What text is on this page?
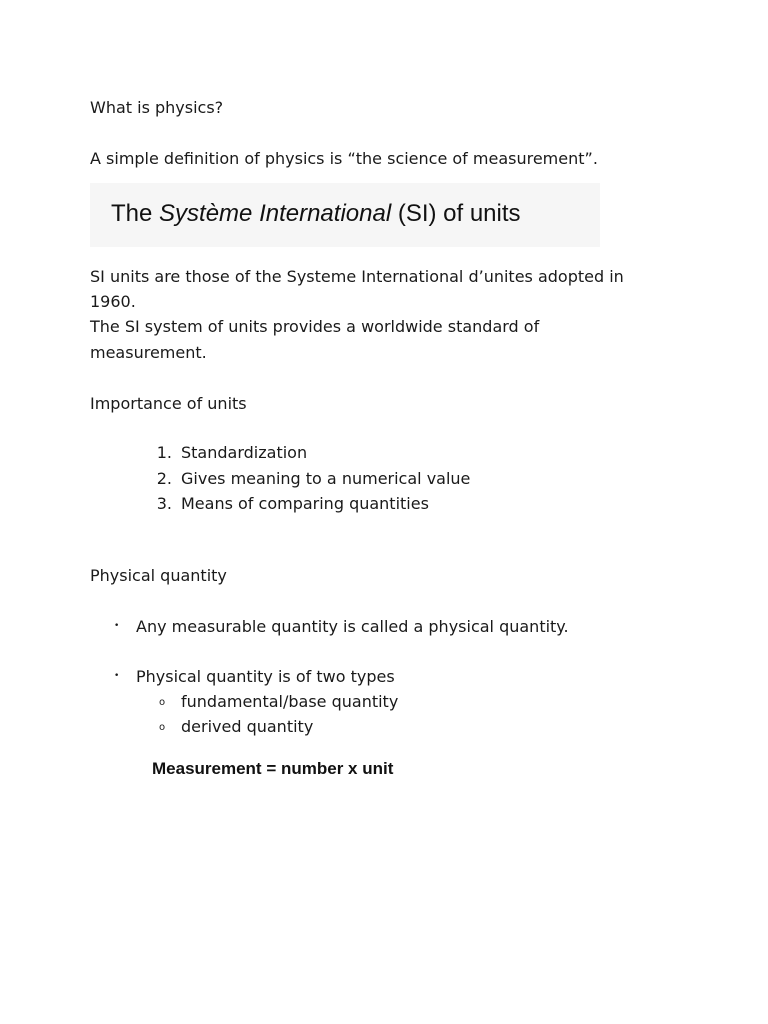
What is physics?
A simple definition of physics is “the science of measurement”.
The Système International (SI) of units
SI units are those of the Systeme International d’unites adopted in
1960.
The SI system of units provides a worldwide standard of
measurement.
Importance of units
1. Standardization
2. Gives meaning to a numerical value
3. Means of comparing quantities
Physical quantity
• Any measurable quantity is called a physical quantity.
• Physical quantity is of two types
o fundamental/base quantity
o derived quantity
Measurement = number x unit
